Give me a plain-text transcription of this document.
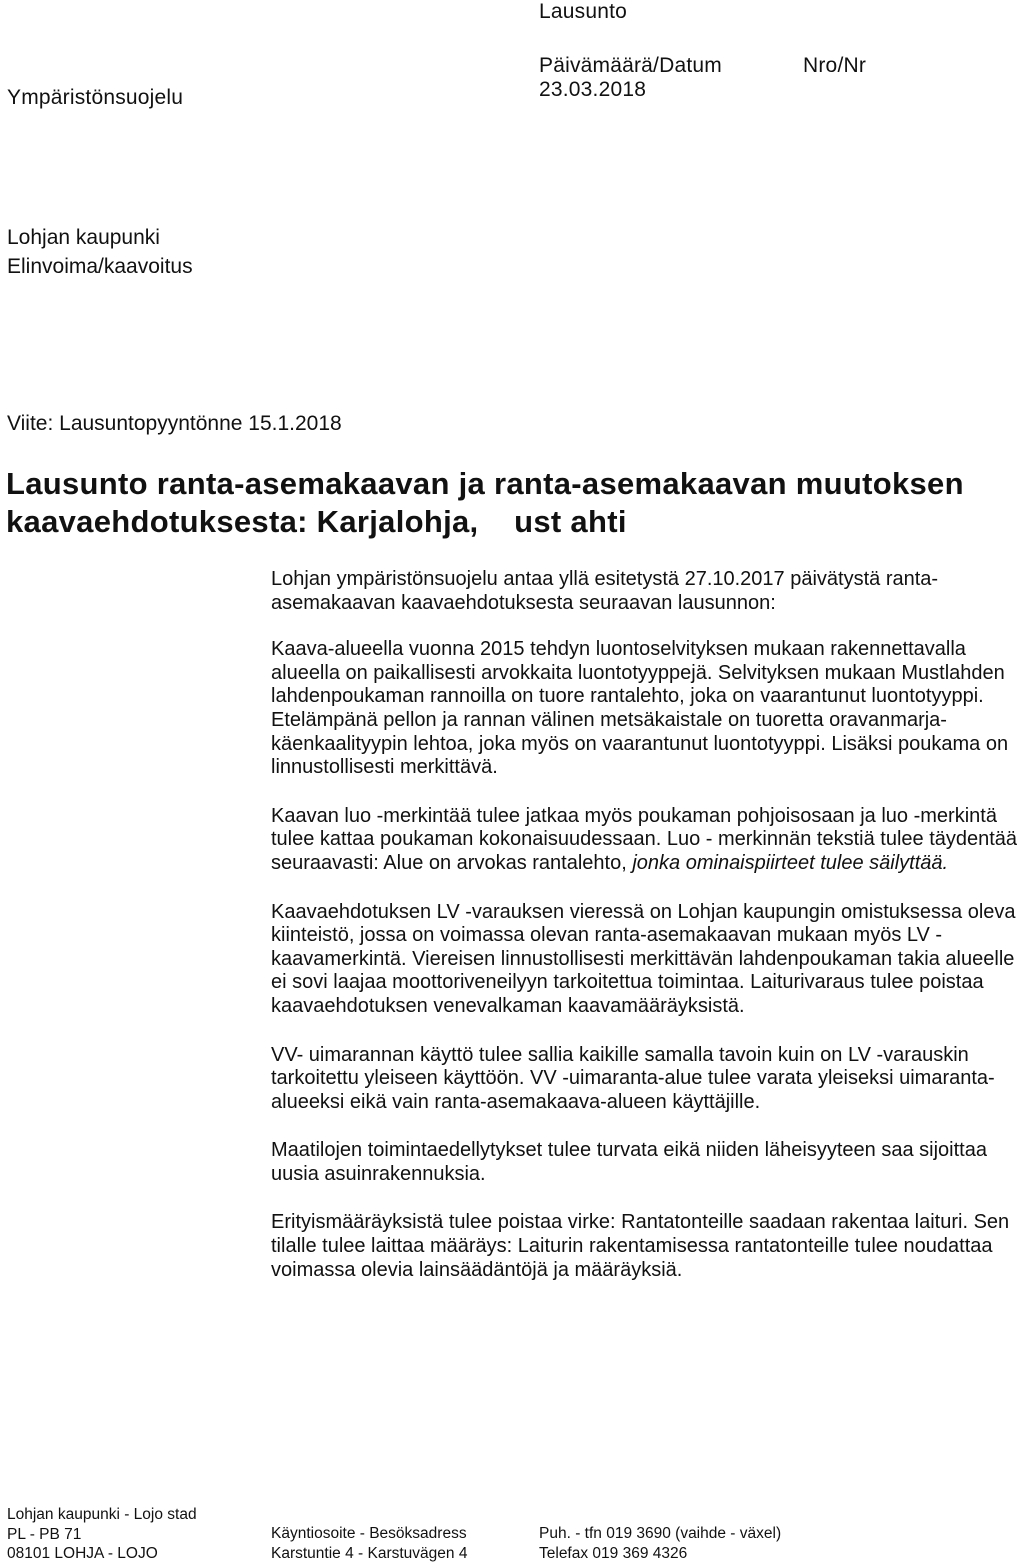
Lausunto
Ympäristönsuojelu
Päivämäärä/Datum
23.03.2018
Nro/Nr
Lohjan kaupunki
Elinvoima/kaavoitus
Viite: Lausuntopyyntönne 15.1.2018
Lausunto ranta-asemakaavan ja ranta-asemakaavan muutoksen
kaavaehdotuksesta: Karjalohja,    ust ahti

Lohjan ympäristönsuojelu antaa yllä esitetystä 27.10.2017 päivätystä ranta-asemakaavan kaavaehdotuksesta seuraavan lausunnon:

Kaava-alueella vuonna 2015 tehdyn luontoselvityksen mukaan rakennettavalla alueella on paikallisesti arvokkaita luontotyyppejä. Selvityksen mukaan Mustlahden lahdenpoukaman rannoilla on tuore rantalehto, joka on vaarantunut luontotyyppi. Etelämpänä pellon ja rannan välinen metsäkaistale on tuoretta oravanmarja-käenkaalityypin lehtoa, joka myös on vaarantunut luontotyyppi. Lisäksi poukama on linnustollisesti merkittävä.

Kaavan luo -merkintää tulee jatkaa myös poukaman pohjoisosaan ja luo -merkintä tulee kattaa poukaman kokonaisuudessaan. Luo - merkinnän tekstiä tulee täydentää seuraavasti: Alue on arvokas rantalehto, jonka ominaispiirteet tulee säilyttää.

Kaavaehdotuksen LV -varauksen vieressä on Lohjan kaupungin omistuksessa oleva kiinteistö, jossa on voimassa olevan ranta-asemakaavan mukaan myös LV -kaavamerkintä. Viereisen linnustollisesti merkittävän lahdenpoukaman takia alueelle ei sovi laajaa moottoriveneilyyn tarkoitettua toimintaa. Laiturivaraus tulee poistaa kaavaehdotuksen venevalkaman kaavamääräyksistä.

VV- uimarannan käyttö tulee sallia kaikille samalla tavoin kuin on LV -varauskin tarkoitettu yleiseen käyttöön. VV -uimaranta-alue tulee varata yleiseksi uimaranta-alueeksi eikä vain ranta-asemakaava-alueen käyttäjille.

Maatilojen toimintaedellytykset tulee turvata eikä niiden läheisyyteen saa sijoittaa uusia asuinrakennuksia.

Erityismääräyksistä tulee poistaa virke: Rantatonteille saadaan rakentaa laituri. Sen tilalle tulee laittaa määräys: Laiturin rakentamisessa rantatonteille tulee noudattaa voimassa olevia lainsäädäntöjä ja määräyksiä.

Lohjan kaupunki - Lojo stad
PL - PB 71
08101 LOHJA - LOJO
Käyntiosoite - Besöksadress
Karstuntie 4 - Karstuvägen 4
Puh. - tfn 019 3690 (vaihde - växel)
Telefax 019 369 4326
